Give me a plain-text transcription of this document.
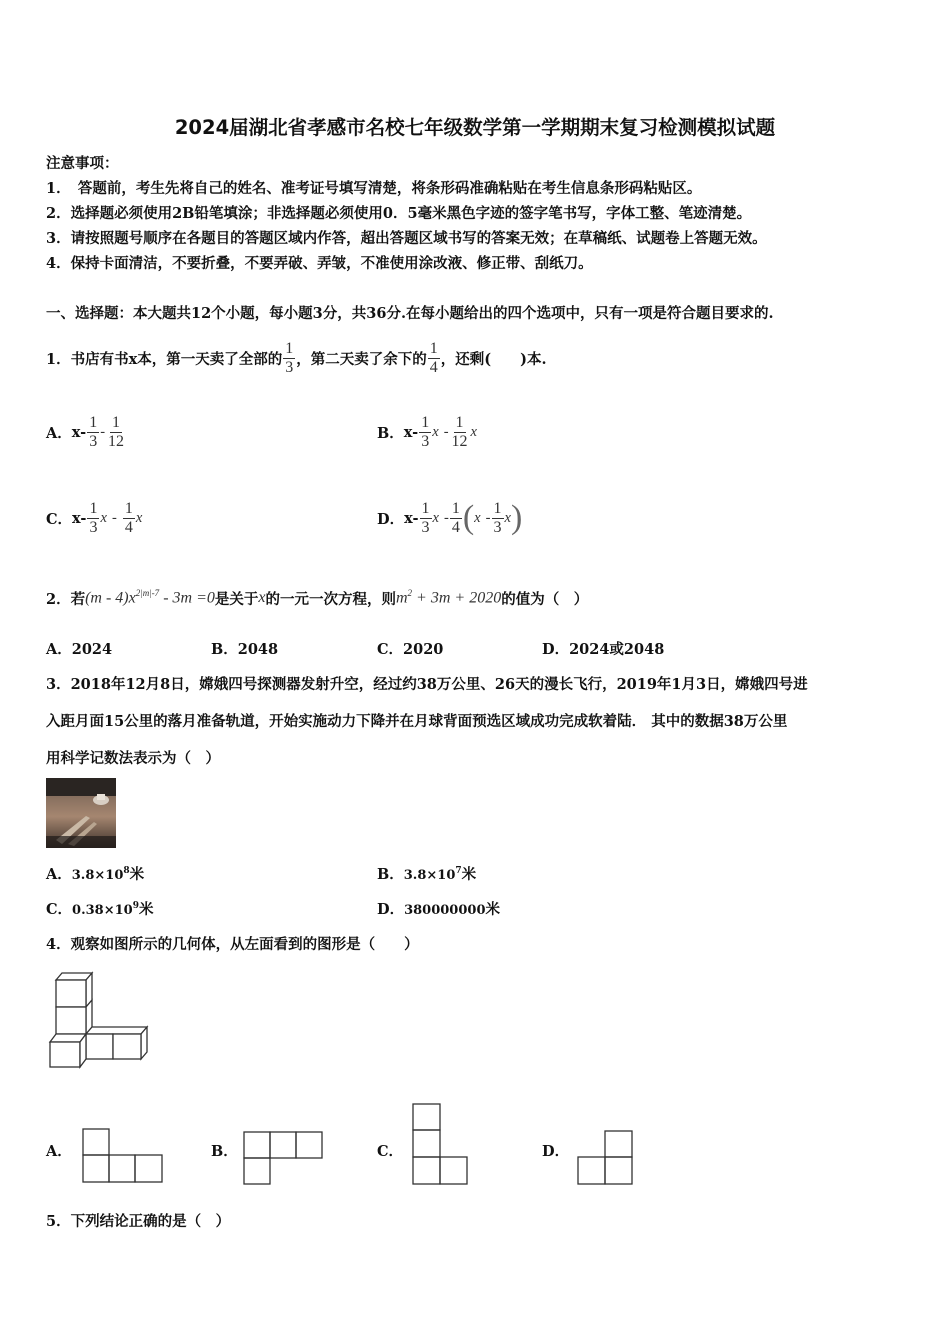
2024届湖北省孝感市名校七年级数学第一学期期末复习检测模拟试题
注意事项：
1．　答题前，考生先将自己的姓名、准考证号填写清楚，将条形码准确粘贴在考生信息条形码粘贴区。
2．选择题必须使用2B铅笔填涂；非选择题必须使用0．5毫米黑色字迹的签字笔书写，字体工整、笔迹清楚。
3．请按照题号顺序在各题目的答题区域内作答，超出答题区域书写的答案无效；在草稿纸、试题卷上答题无效。
4．保持卡面清洁，不要折叠，不要弄破、弄皱，不准使用涂改液、修正带、刮纸刀。
一、选择题：本大题共12个小题，每小题3分，共36分.在每小题给出的四个选项中，只有一项是符合题目要求的.
1．书店有书x本，第一天卖了全部的 $\frac{1}{3}$ ，第二天卖了余下的 $\frac{1}{4}$ ，还剩(　　)本.
A． $x- \frac{1}{3} - \frac{1}{12}$	B． $x- \frac{1}{3}$ x
- $\frac{1}{12}$ x
C． $x- \frac{1}{3}$ x
-
$\frac{1}{4}$ x	D． $x- \frac{1}{3}$ x
- $\frac{1}{4}$ ( x
- $\frac{1}{3}$ x )
2．若 $(m - 4)x^{2|m|-7} - 3m =0$ 是关于 x 的一元一次方程，则 $m^2 + 3m + 2020$ 的值为（　）
A．2024	B．2048	C．2020	D．2024或2048
3．2018年12月8日，嫦娥四号探测器发射升空，经过约38万公里、26天的漫长飞行，2019年1月3日，嫦娥四号进
入距月面15公里的落月准备轨道，开始实施动力下降并在月球背面预选区域成功完成软着陆． 其中的数据38万公里
用科学记数法表示为（　）
A．$3.8\times 10^8$米	B．$3.8\times 10^7$米
C．$0.38\times 10^9$米	D．380000000米
4．观察如图所示的几何体，从左面看到的图形是（　　）
A．	B．	C．	D．
5．下列结论正确的是（　）
